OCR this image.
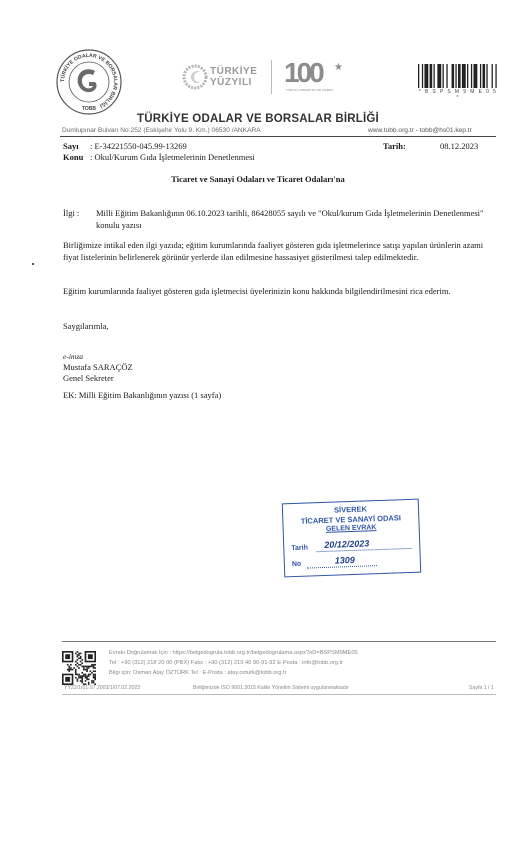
TÜRKİYE ODALAR VE BORSALAR BİRLİĞİ
TOBB
TÜRKİYE
YÜZYILI 100 ★
TÜRKİYE CUMHURİYETİ 100 YAŞINDA	* B S P S M 9 M E 0 5 *
TÜRKİYE ODALAR VE BORSALAR BİRLİĞİ
Dumlupınar Bulvarı No:252 (Eskişehir Yolu 9. Km.) 06530 /ANKARA	www.tobb.org.tr - tobb@hs01.kep.tr
Sayı : E-34221550-045.99-13269
Konu : Okul/Kurum Gıda İşletmelerinin Denetlenmesi
Tarih:	08.12.2023
Ticaret ve Sanayi Odaları ve Ticaret Odaları'na
İlgi : Milli Eğitim Bakanlığının 06.10.2023 tarihli, 86428055 sayılı ve "Okul/kurum Gıda İşletmelerinin Denetlenmesi" konulu yazısı
Birliğimize intikal eden ilgi yazıda; eğitim kurumlarında faaliyet gösteren gıda işletmelerince satışı yapılan ürünlerin azami fiyat listelerinin belirlenerek görünür yerlerde ilan edilmesine hassasiyet gösterilmesi talep edilmektedir.
Eğitim kurumlarında faaliyet gösteren gıda işletmecisi üyelerinizin konu hakkında bilgilendirilmesini rica ederim.
Saygılarımla,
e-imza
Mustafa SARAÇÖZ
Genel Sekreter
EK: Milli Eğitim Bakanlığının yazısı (1 sayfa)
SİVEREK
TİCARET VE SANAYİ ODASI
GELEN EVRAK
Tarih 20/12/2023
No	1309
Evrakı Doğrulamak İçin : https://belgedogrula.tobb.org.tr/belgedogrulama.aspx?eD=BSPSM9ME05
Tel : +90 (312) 218 20 00 (PBX) Faks : +90 (312) 219 40 90-91-92 E-Posta : info@tobb.org.tr
Bilgi için: Osman Atay ÖZTÜRK Tel : E-Posta : atay.ozturk@tobb.org.tr
YY22/1/01.07.2003/1/07.02.2023	Birliğimizde ISO 9001:2015 Kalite Yönetim Sistemi uygulanmaktadır	Sayfa 1 / 1
